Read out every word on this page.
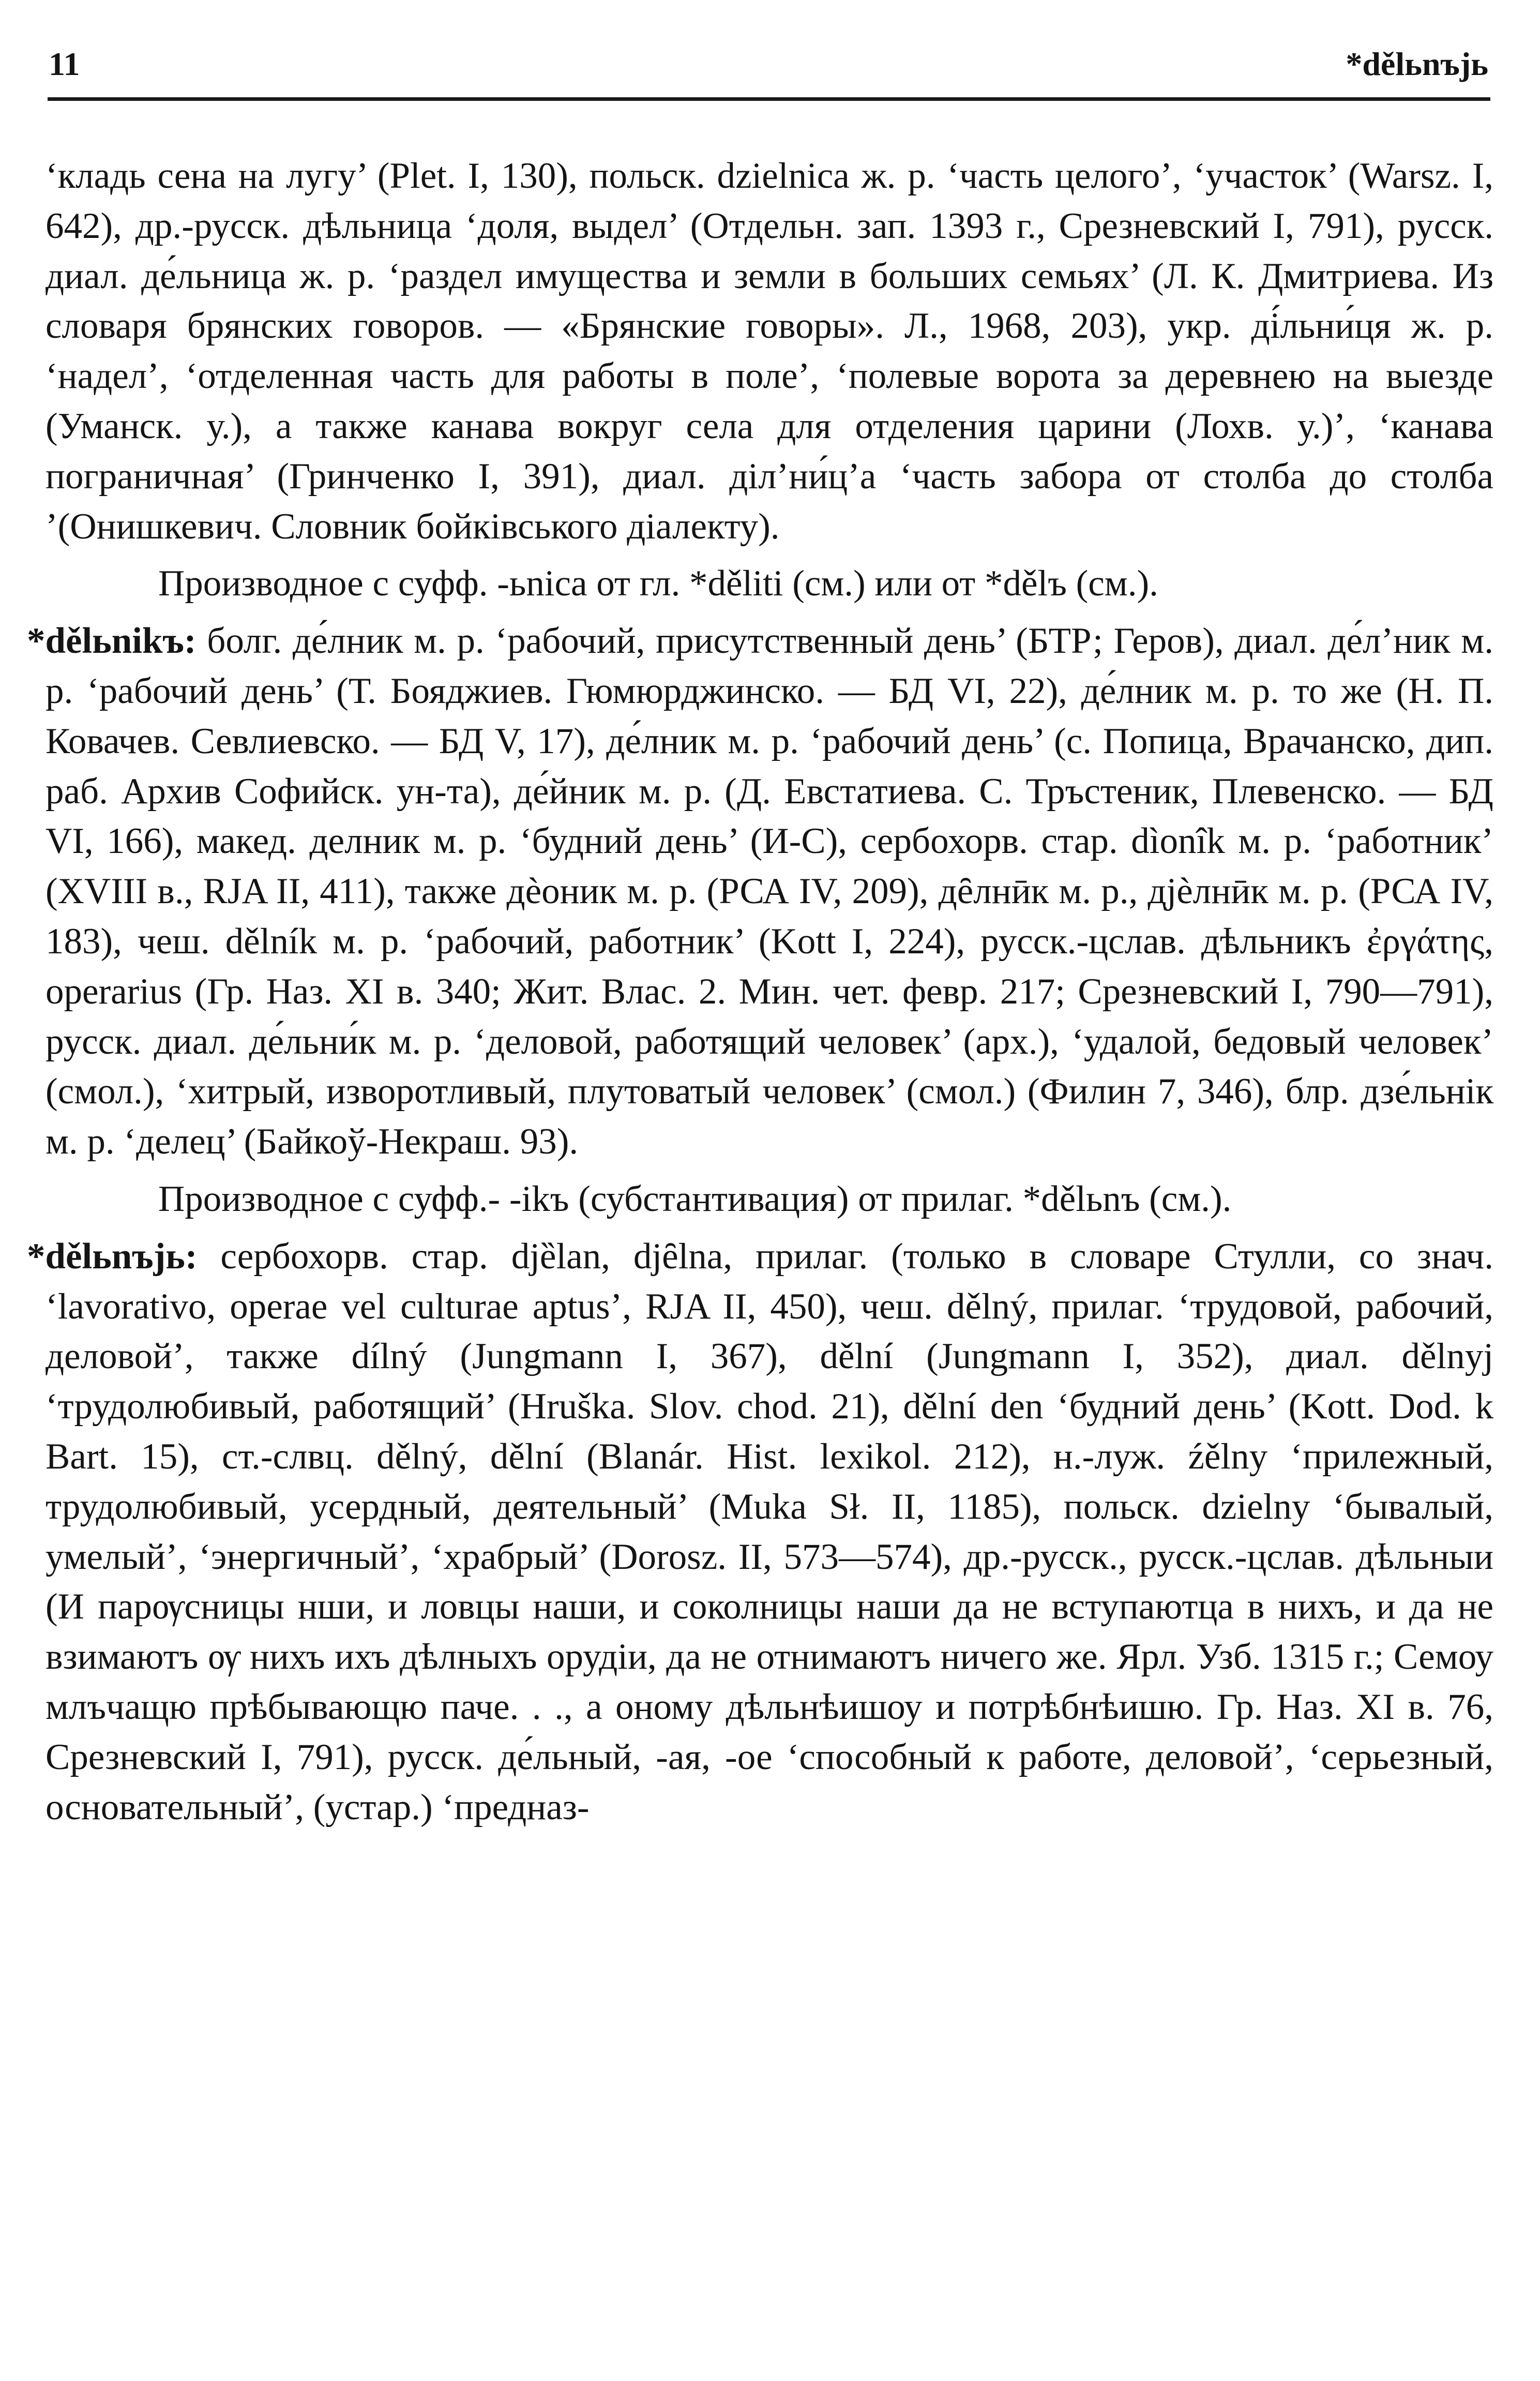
11	*dělьnъjь

‘кладь сена на лугу’ (Plet. I, 130), польск. dzielnica ж. р. ‘часть целого’, ‘участок’ (Warsz. I, 642), др.-русск. дѣльница ‘доля, выдел’ (Отдельн. зап. 1393 г., Срезневский I, 791), русск. диал. де́льница ж. р. ‘раздел имущества и земли в больших семьях’ (Л. К. Дмитриева. Из словаря брянских говоров. — «Брянские говоры». Л., 1968, 203), укр. ді́льни́ця ж. р. ‘надел’, ‘отделенная часть для работы в поле’, ‘полевые ворота за деревнею на выезде (Уманск. у.), а также канава вокруг села для отделения царини (Лохв. у.)’, ‘канава пограничная’ (Гринченко I, 391), диал. діл’ни́ц’а ‘часть забора от столба до столба ’(Онишкевич. Словник бойківського діалекту).

Производное с суфф. -ьnica от гл. *děliti (см.) или от *dělъ (см.).

*dělьnikъ: болг. де́лник м. р. ‘рабочий, присутственный день’ (БТР; Геров), диал. де́л’ник м. р. ‘рабочий день’ (Т. Бояджиев. Гюмюрджинско. — БД VI, 22), де́лник м. р. то же (Н. П. Ковачев. Севлиевско. — БД V, 17), де́лник м. р. ‘рабочий день’ (с. Попица, Врачанско, дип. раб. Архив Софийск. ун-та), де́йник м. р. (Д. Евстатиева. С. Тръстеник, Плевенско. — БД VI, 166), макед. делник м. р. ‘будний день’ (И-С), сербохорв. стар. dìonîk м. р. ‘работник’ (XVIII в., RJA II, 411), также дѐоник м. р. (РСА IV, 209), дȇлнӣк м. р., дјѐлнӣк м. р. (РСА IV, 183), чеш. dělník м. р. ‘рабочий, работник’ (Kott I, 224), русск.-цслав. дѣльникъ ἐργάτης, operarius (Гр. Наз. XI в. 340; Жит. Влас. 2. Мин. чет. февр. 217; Срезневский I, 790—791), русск. диал. де́льни́к м. р. ‘деловой, работящий человек’ (арх.), ‘удалой, бедовый человек’ (смол.), ‘хитрый, изворотливый, плутоватый человек’ (смол.) (Филин 7, 346), блр. дзе́льнік м. р. ‘делец’ (Байкоў-Некраш. 93).

Производное с суфф.- -ikъ (субстантивация) от прилаг. *dělьnъ (см.).

*dělьnъjь: сербохорв. стар. djȅlan, djȇlna, прилаг. (только в словаре Стулли, со знач. ‘lavorativo, operae vel culturae aptus’, RJA II, 450), чеш. dělný, прилаг. ‘трудовой, рабочий, деловой’, также dílný (Jungmann I, 367), dělní (Jungmann I, 352), диал. dělnyj ‘трудолюбивый, работящий’ (Hruška. Slov. chod. 21), dělní den ‘будний день’ (Kott. Dod. k Bart. 15), ст.-слвц. dělný, dělní (Blanár. Hist. lexikol. 212), н.-луж. źělny ‘прилежный, трудолюбивый, усердный, деятельный’ (Muka Sł. II, 1185), польск. dzielny ‘бывалый, умелый’, ‘энергичный’, ‘храбрый’ (Dorosz. II, 573—574), др.-русск., русск.-цслав. дѣльныи (И парѹсницы нши, и ловцы наши, и соколницы наши да не вступаютца в нихъ, и да не взимаютъ ѹ нихъ ихъ дѣлныхъ орудiи, да не отнимаютъ ничего же. Ярл. Узб. 1315 г.; Семоу млъчащю прѣбывающю паче. . ., а оному дѣльнѣишоу и потрѣбнѣишю. Гр. Наз. XI в. 76, Срезневский I, 791), русск. де́льный, -ая, -ое ‘способный к работе, деловой’, ‘серьезный, основательный’, (устар.) ‘предназ-
